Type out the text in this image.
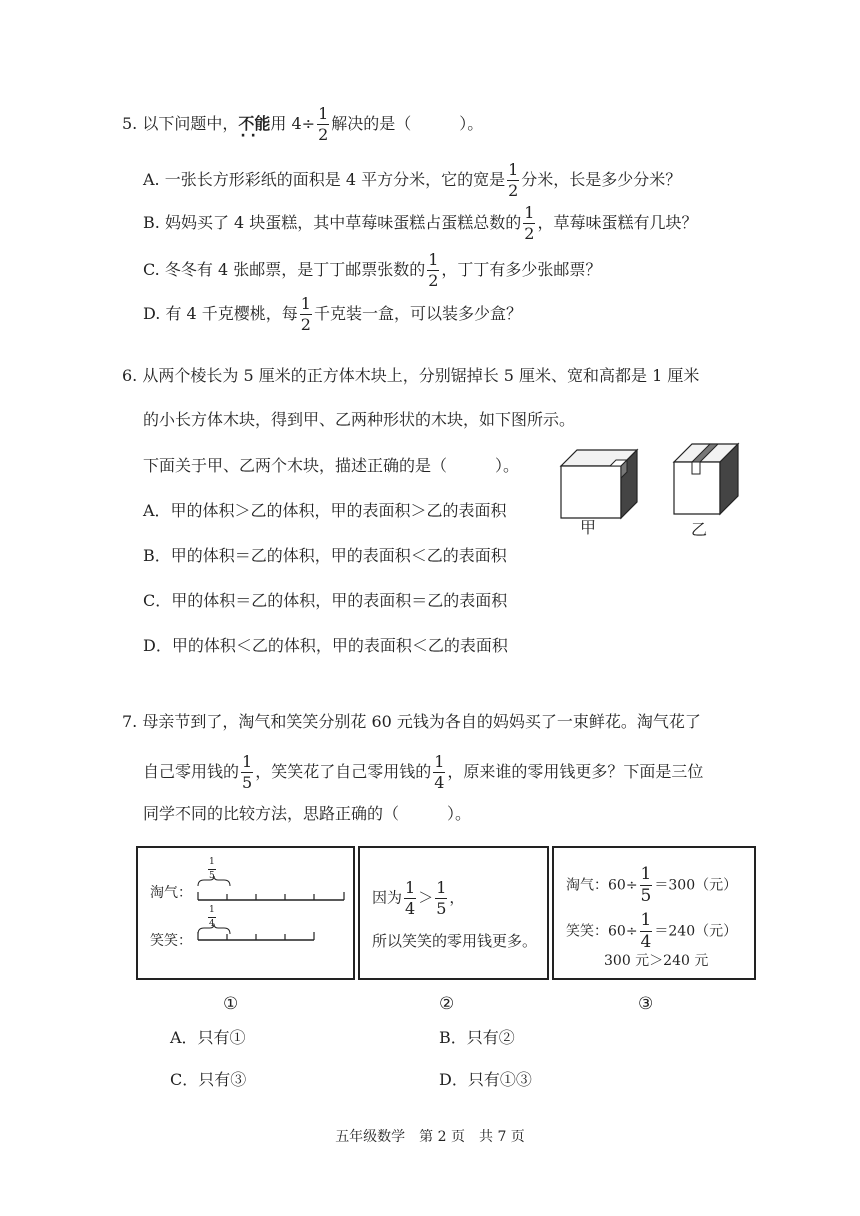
5. 以下问题中，不能 · ·用 $4\div \frac{1}{2}$ 解决的是（　　　）。
A. 一张长方形彩纸的面积是 4 平方分米，它的宽是 $\frac{1}{2}$ 分米，长是多少分米？
B. 妈妈买了 4 块蛋糕，其中草莓味蛋糕占蛋糕总数的 $\frac{1}{2}$ ，草莓味蛋糕有几块？
C. 冬冬有 4 张邮票，是丁丁邮票张数的 $\frac{1}{2}$ ，丁丁有多少张邮票？
D. 有 4 千克樱桃，每 $\frac{1}{2}$ 千克装一盒，可以装多少盒？
6. 从两个棱长为 5 厘米的正方体木块上，分别锯掉长 5 厘米、宽和高都是 1 厘米
的小长方体木块，得到甲、乙两种形状的木块，如下图所示。
下面关于甲、乙两个木块，描述正确的是（　　　）。
A．甲的体积＞乙的体积，甲的表面积＞乙的表面积
B．甲的体积＝乙的体积，甲的表面积＜乙的表面积
C．甲的体积＝乙的体积，甲的表面积＝乙的表面积
D．甲的体积＜乙的体积，甲的表面积＜乙的表面积
甲	乙
7. 母亲节到了，淘气和笑笑分别花 60 元钱为各自的妈妈买了一束鲜花。淘气花了
自己零用钱的 $\frac{1}{5}$ ，笑笑花了自己零用钱的 $\frac{1}{4}$ ，原来谁的零用钱更多？下面是三位
同学不同的比较方法，思路正确的（　　　）。
$\frac{1}{5}$
$\frac{1}{4}$
淘气：
笑笑：
因为 $\frac{1}{4} > \frac{1}{5}$ ，
所以笑笑的零用钱更多。
淘气：$60\div \frac{1}{5} =300$（元）
笑笑：$60\div \frac{1}{4} =240$（元）
300 元＞240 元
①	②	③
A．只有①	B．只有②
C．只有③	D．只有①③
五年级数学　第 2 页　共 7 页
